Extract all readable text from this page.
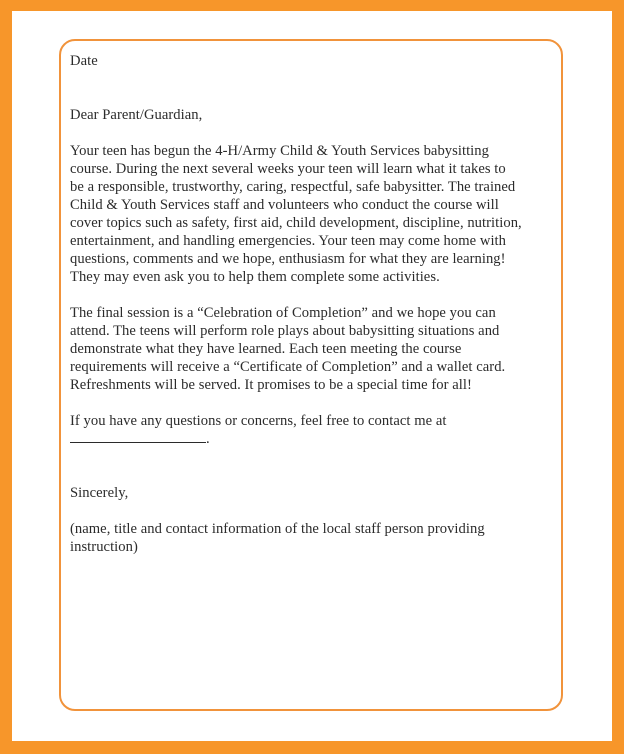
Date

Dear Parent/Guardian,

Your teen has begun the 4-H/Army Child & Youth Services babysitting
course. During the next several weeks your teen will learn what it takes to
be a responsible, trustworthy, caring, respectful, safe babysitter. The trained
Child & Youth Services staff and volunteers who conduct the course will
cover topics such as safety, first aid, child development, discipline, nutrition,
entertainment, and handling emergencies. Your teen may come home with
questions, comments and we hope, enthusiasm for what they are learning!
They may even ask you to help them complete some activities.

The final session is a “Celebration of Completion” and we hope you can
attend. The teens will perform role plays about babysitting situations and
demonstrate what they have learned. Each teen meeting the course
requirements will receive a “Certificate of Completion” and a wallet card.
Refreshments will be served. It promises to be a special time for all!

If you have any questions or concerns, feel free to contact me at
.

Sincerely,

(name, title and contact information of the local staff person providing
instruction)
